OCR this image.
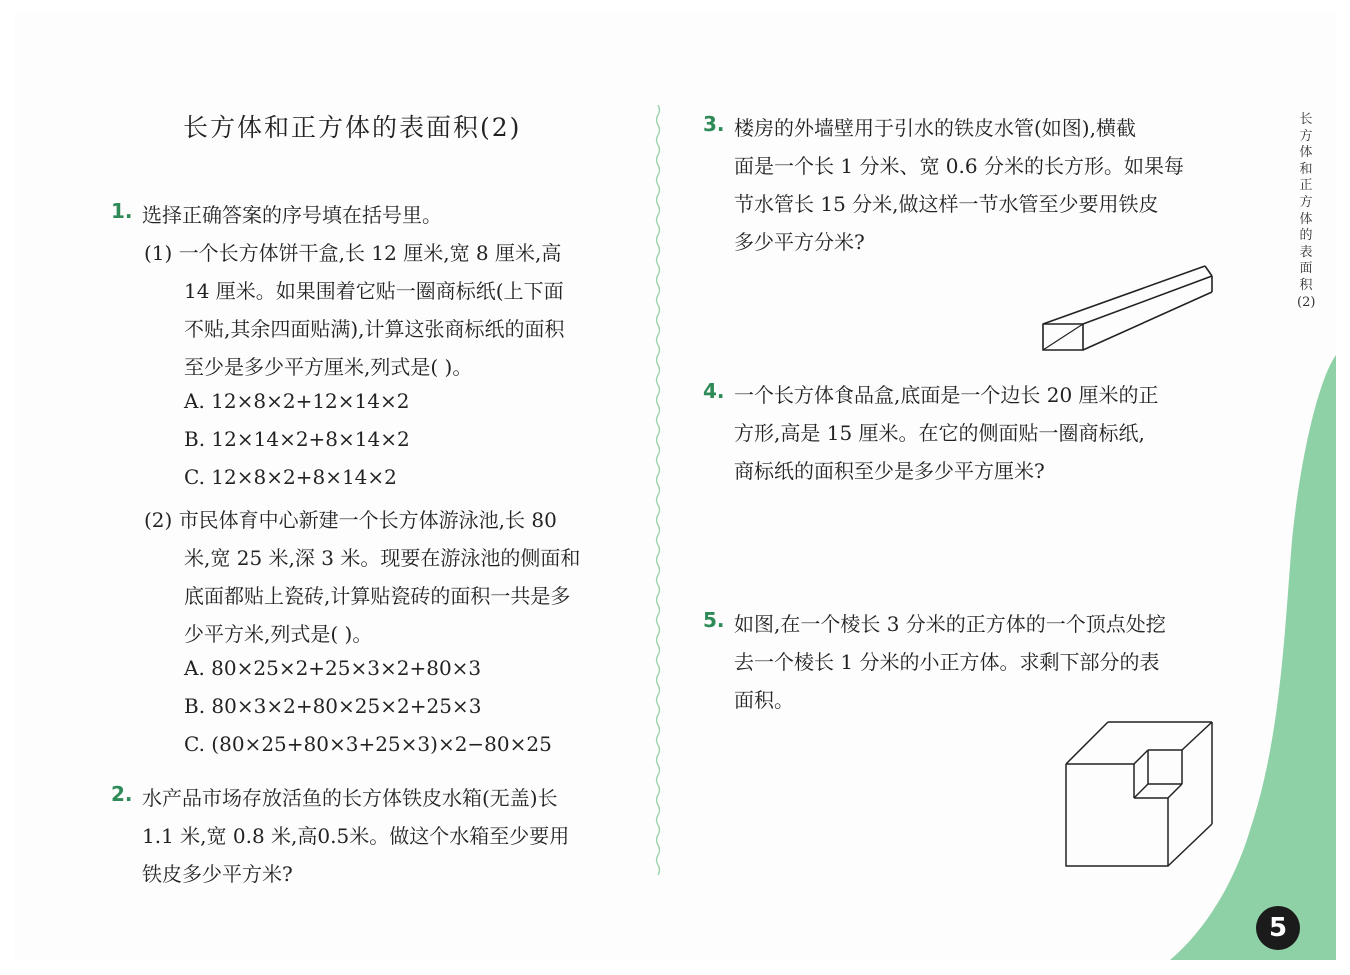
长方体和正方体的表面积(2)	长方体和正方体的表面积(2)
1. 选择正确答案的序号填在括号里。
(1) 一个长方体饼干盒,长 12 厘米,宽 8 厘米,高
14 厘米。如果围着它贴一圈商标纸(上下面
不贴,其余四面贴满),计算这张商标纸的面积
至少是多少平方厘米,列式是( )。
A. 12×8×2+12×14×2
B. 12×14×2+8×14×2
C. 12×8×2+8×14×2
(2) 市民体育中心新建一个长方体游泳池,长 80
米,宽 25 米,深 3 米。现要在游泳池的侧面和
底面都贴上瓷砖,计算贴瓷砖的面积一共是多
少平方米,列式是( )。
A. 80×25×2+25×3×2+80×3
B. 80×3×2+80×25×2+25×3
C. (80×25+80×3+25×3)×2−80×25
2. 水产品市场存放活鱼的长方体铁皮水箱(无盖)长
1.1 米,宽 0.8 米,高0.5米。做这个水箱至少要用
铁皮多少平方米?
3. 楼房的外墙壁用于引水的铁皮水管(如图),横截
面是一个长 1 分米、宽 0.6 分米的长方形。如果每
节水管长 15 分米,做这样一节水管至少要用铁皮
多少平方分米?
4. 一个长方体食品盒,底面是一个边长 20 厘米的正
方形,高是 15 厘米。在它的侧面贴一圈商标纸,
商标纸的面积至少是多少平方厘米?
5. 如图,在一个棱长 3 分米的正方体的一个顶点处挖
去一个棱长 1 分米的小正方体。求剩下部分的表
面积。
5
